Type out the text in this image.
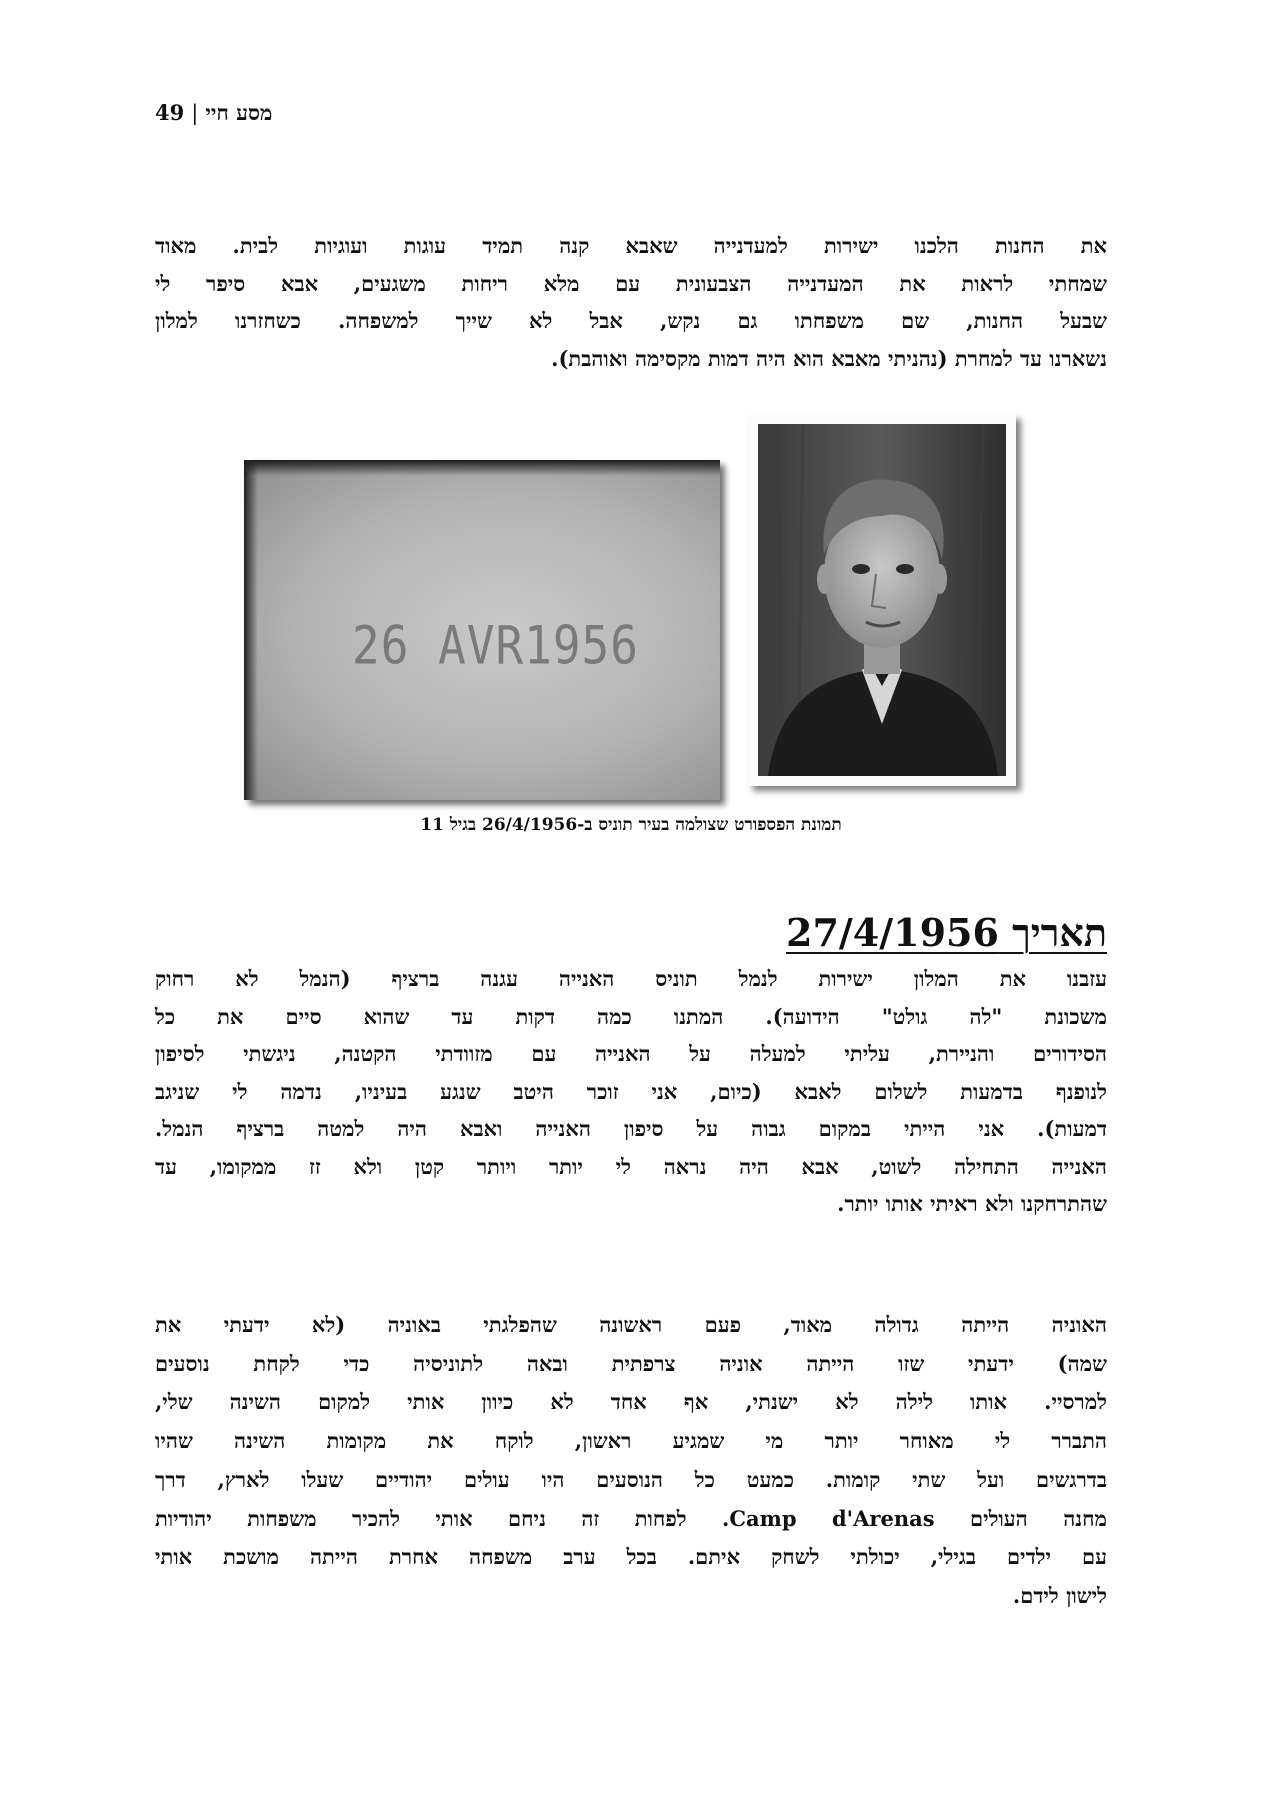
49 | מסע חיי
את החנות הלכנו ישירות למעדנייה שאבא קנה תמיד עוגות ועוגיות לבית. מאוד
שמחתי לראות את המעדנייה הצבעונית עם מלא ריחות משגעים, אבא סיפר לי
שבעל החנות, שם משפחתו גם נקש, אבל לא שייך למשפחה. כשחזרנו למלון
נשארנו עד למחרת (נהניתי מאבא הוא היה דמות מקסימה ואוהבת).
26 AVR1956
תמונת הפספורט שצולמה בעיר תוניס ב-26/4/1956 בגיל 11
תאריך 27/4/1956
עזבנו את המלון ישירות לנמל תוניס האנייה עגנה ברציף (הנמל לא רחוק
משכונת "לה גולט" הידועה). המתנו כמה דקות עד שהוא סיים את כל
הסידורים והניירת, עליתי למעלה על האנייה עם מזוודתי הקטנה, ניגשתי לסיפון
לנופנף בדמעות לשלום לאבא (כיום, אני זוכר היטב שנגע בעיניו, נדמה לי שניגב
דמעות). אני הייתי במקום גבוה על סיפון האנייה ואבא היה למטה ברציף הנמל.
האנייה התחילה לשוט, אבא היה נראה לי יותר ויותר קטן ולא זז ממקומו, עד
שהתרחקנו ולא ראיתי אותו יותר.
האוניה הייתה גדולה מאוד, פעם ראשונה שהפלגתי באוניה (לא ידעתי את
שמה) ידעתי שזו הייתה אוניה צרפתית ובאה לתוניסיה כדי לקחת נוסעים
למרסיי. אותו לילה לא ישנתי, אף אחד לא כיוון אותי למקום השינה שלי,
התברר לי מאוחר יותר מי שמגיע ראשון, לוקח את מקומות השינה שהיו
בדרגשים ועל שתי קומות. כמעט כל הנוסעים היו עולים יהודיים שעלו לארץ, דרך
מחנה העולים Camp d'Arenas. לפחות זה ניחם אותי להכיר משפחות יהודיות
עם ילדים בגילי, יכולתי לשחק איתם. בכל ערב משפחה אחרת הייתה מושכת אותי
לישון לידם.
